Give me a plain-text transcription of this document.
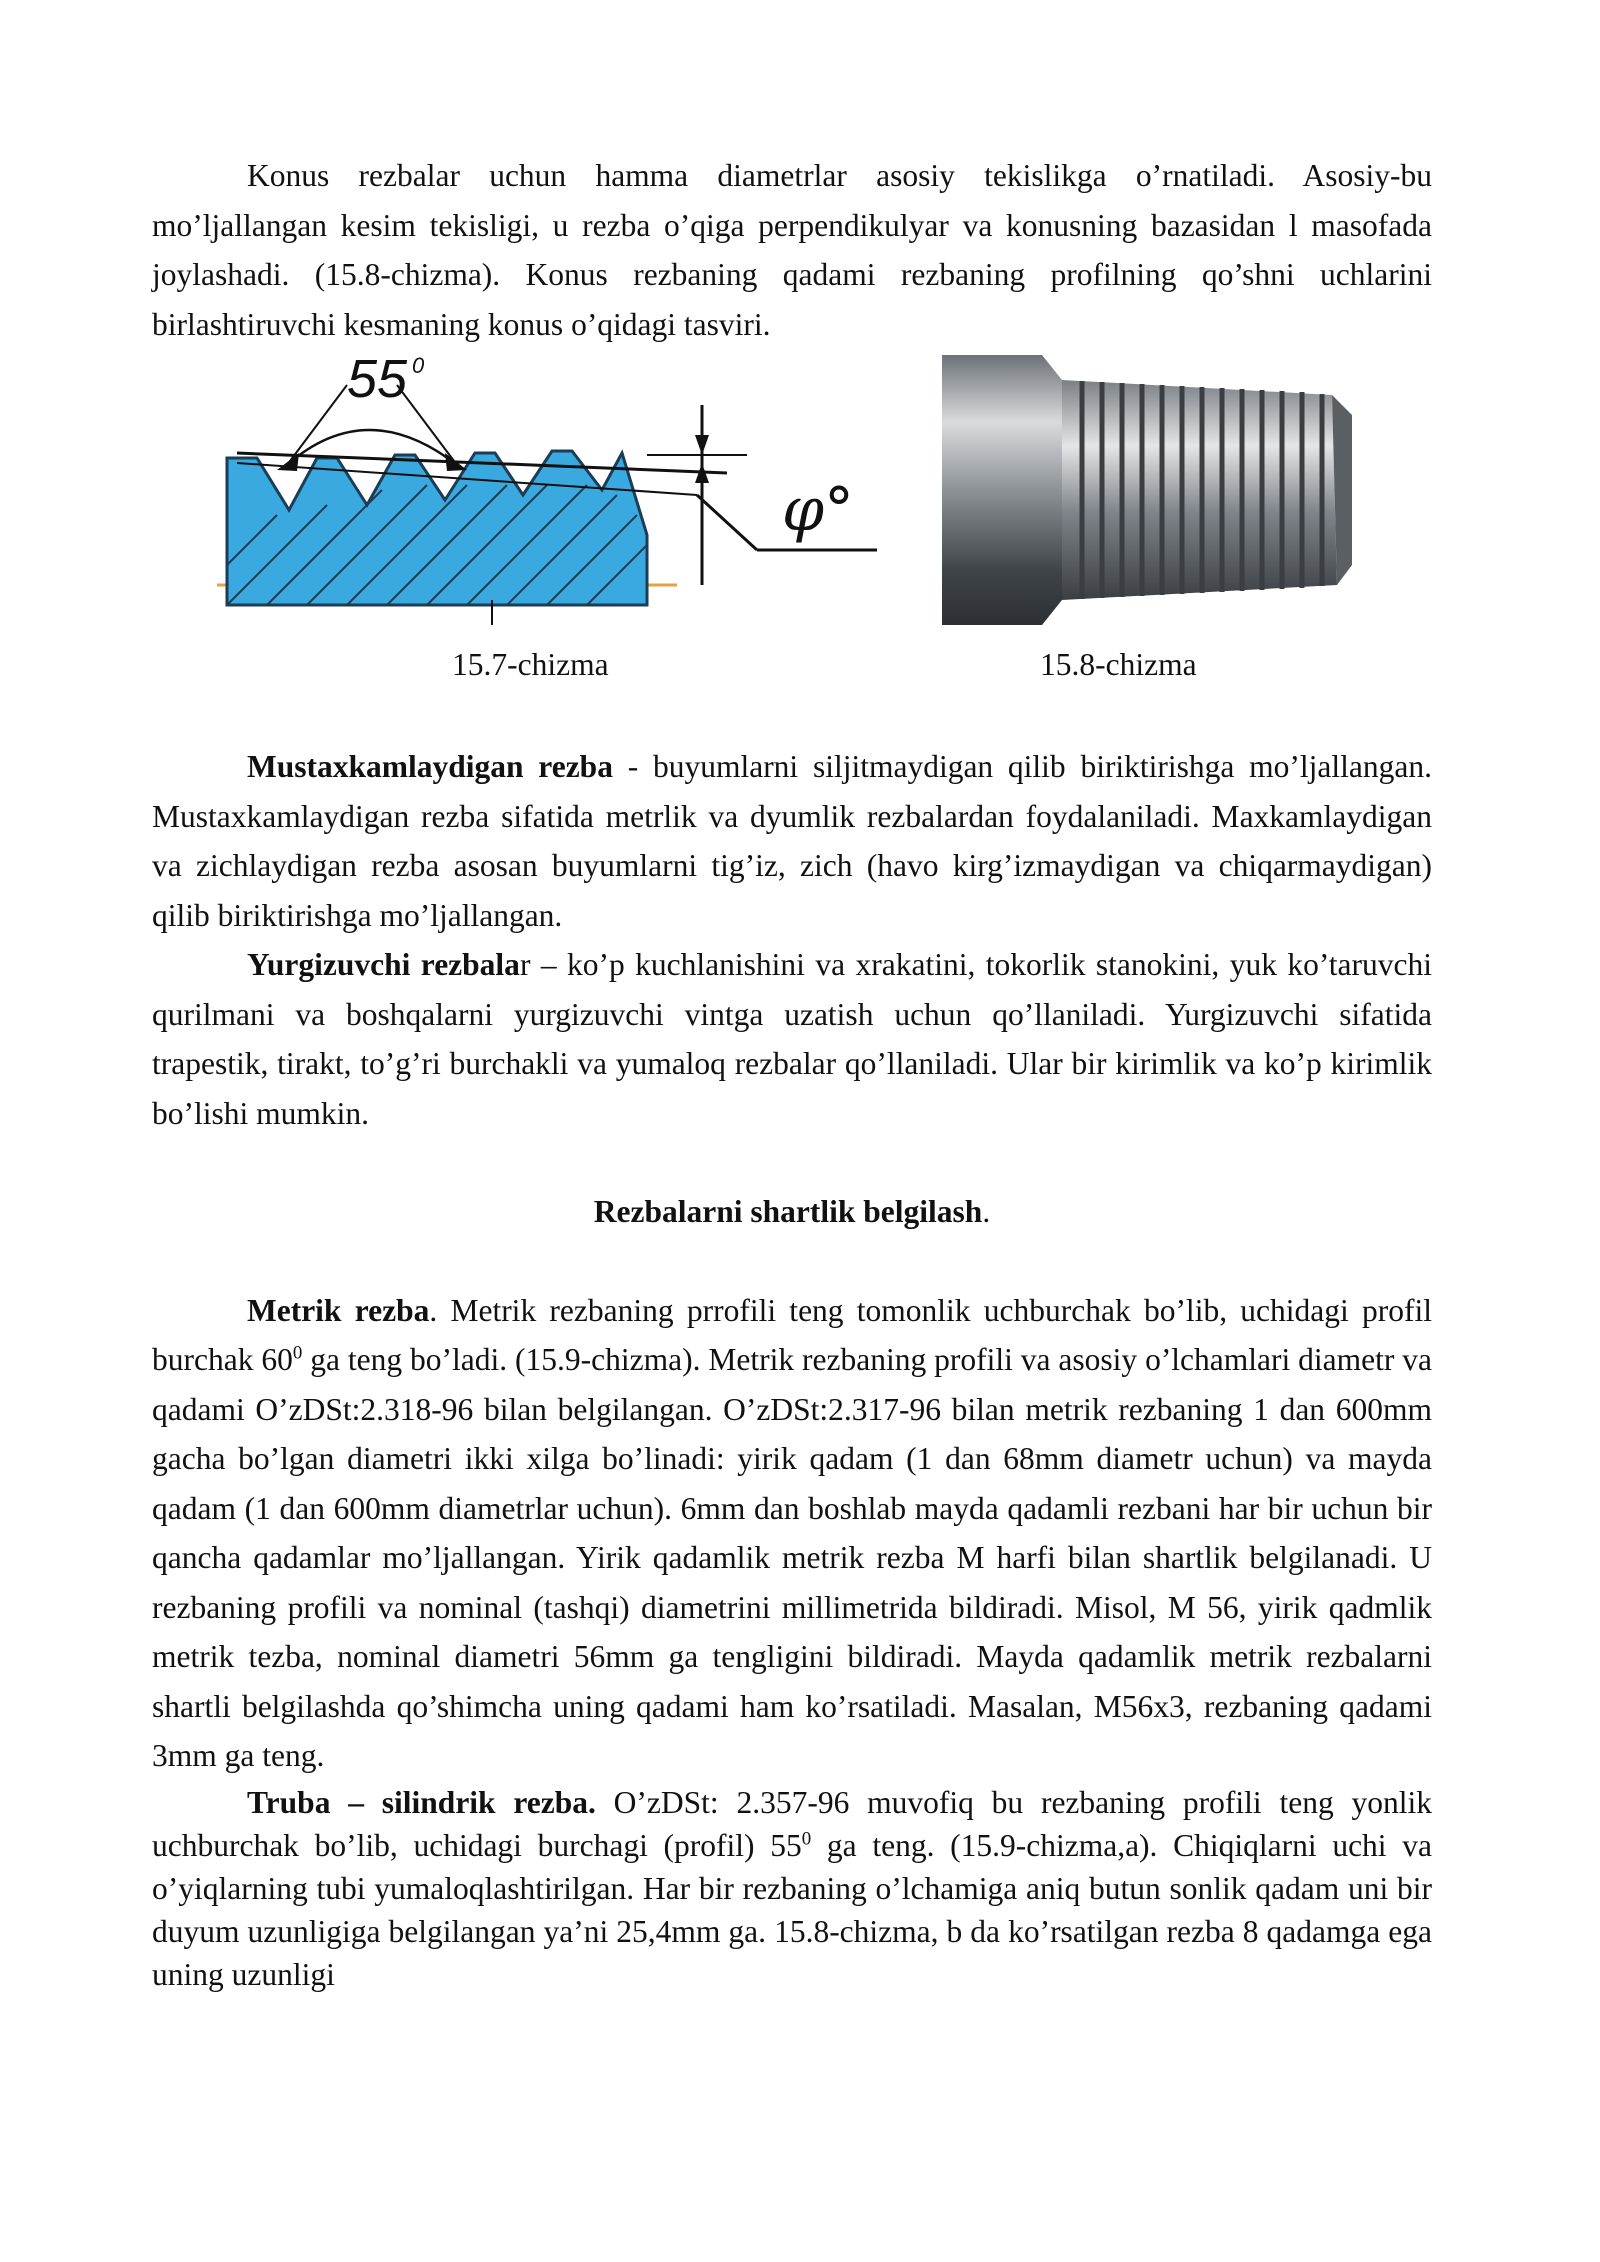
Konus rezbalar uchun hamma diametrlar asosiy tekislikga o’rnatiladi. Asosiy-bu mo’ljallangan kesim tekisligi, u rezba o’qiga perpendikulyar va konusning bazasidan l masofada joylashadi. (15.8-chizma). Konus rezbaning qadami rezbaning profilning qo’shni uchlarini birlashtiruvchi kesmaning konus o’qidagi tasviri.

55 0
φ°
15.7-chizma	15.8-chizma

Mustaxkamlaydigan rezba - buyumlarni siljitmaydigan qilib biriktirishga mo’ljallangan. Mustaxkamlaydigan rezba sifatida metrlik va dyumlik rezbalardan foydalaniladi. Maxkamlaydigan va zichlaydigan rezba asosan buyumlarni tig’iz, zich (havo kirg’izmaydigan va chiqarmaydigan) qilib biriktirishga mo’ljallangan.

Yurgizuvchi rezbalar – ko’p kuchlanishini va xrakatini, tokorlik stanokini, yuk ko’taruvchi qurilmani va boshqalarni yurgizuvchi vintga uzatish uchun qo’llaniladi. Yurgizuvchi sifatida trapestik, tirakt, to’g’ri burchakli va yumaloq rezbalar qo’llaniladi. Ular bir kirimlik va ko’p kirimlik bo’lishi mumkin.

Rezbalarni shartlik belgilash.

Metrik rezba. Metrik rezbaning prrofili teng tomonlik uchburchak bo’lib, uchidagi profil burchak $60^0$ ga teng bo’ladi. (15.9-chizma). Metrik rezbaning profili va asosiy o’lchamlari diametr va qadami O’zDSt:2.318-96 bilan belgilangan. O’zDSt:2.317-96 bilan metrik rezbaning 1 dan 600mm gacha bo’lgan diametri ikki xilga bo’linadi: yirik qadam (1 dan 68mm diametr uchun) va mayda qadam (1 dan 600mm diametrlar uchun). 6mm dan boshlab mayda qadamli rezbani har bir uchun bir qancha qadamlar mo’ljallangan. Yirik qadamlik metrik rezba M harfi bilan shartlik belgilanadi. U rezbaning profili va nominal (tashqi) diametrini millimetrida bildiradi. Misol, M 56, yirik qadmlik metrik tezba, nominal diametri 56mm ga tengligini bildiradi. Mayda qadamlik metrik rezbalarni shartli belgilashda qo’shimcha uning qadami ham ko’rsatiladi. Masalan, M56x3, rezbaning qadami 3mm ga teng.

Truba – silindrik rezba. O’zDSt: 2.357-96 muvofiq bu rezbaning profili teng yonlik uchburchak bo’lib, uchidagi burchagi (profil) $55^0$ ga teng. (15.9-chizma,a). Chiqiqlarni uchi va o’yiqlarning tubi yumaloqlashtirilgan. Har bir rezbaning o’lchamiga aniq butun sonlik qadam uni bir duyum uzunligiga belgilangan ya’ni 25,4mm ga. 15.8-chizma, b da ko’rsatilgan rezba 8 qadamga ega uning uzunligi
